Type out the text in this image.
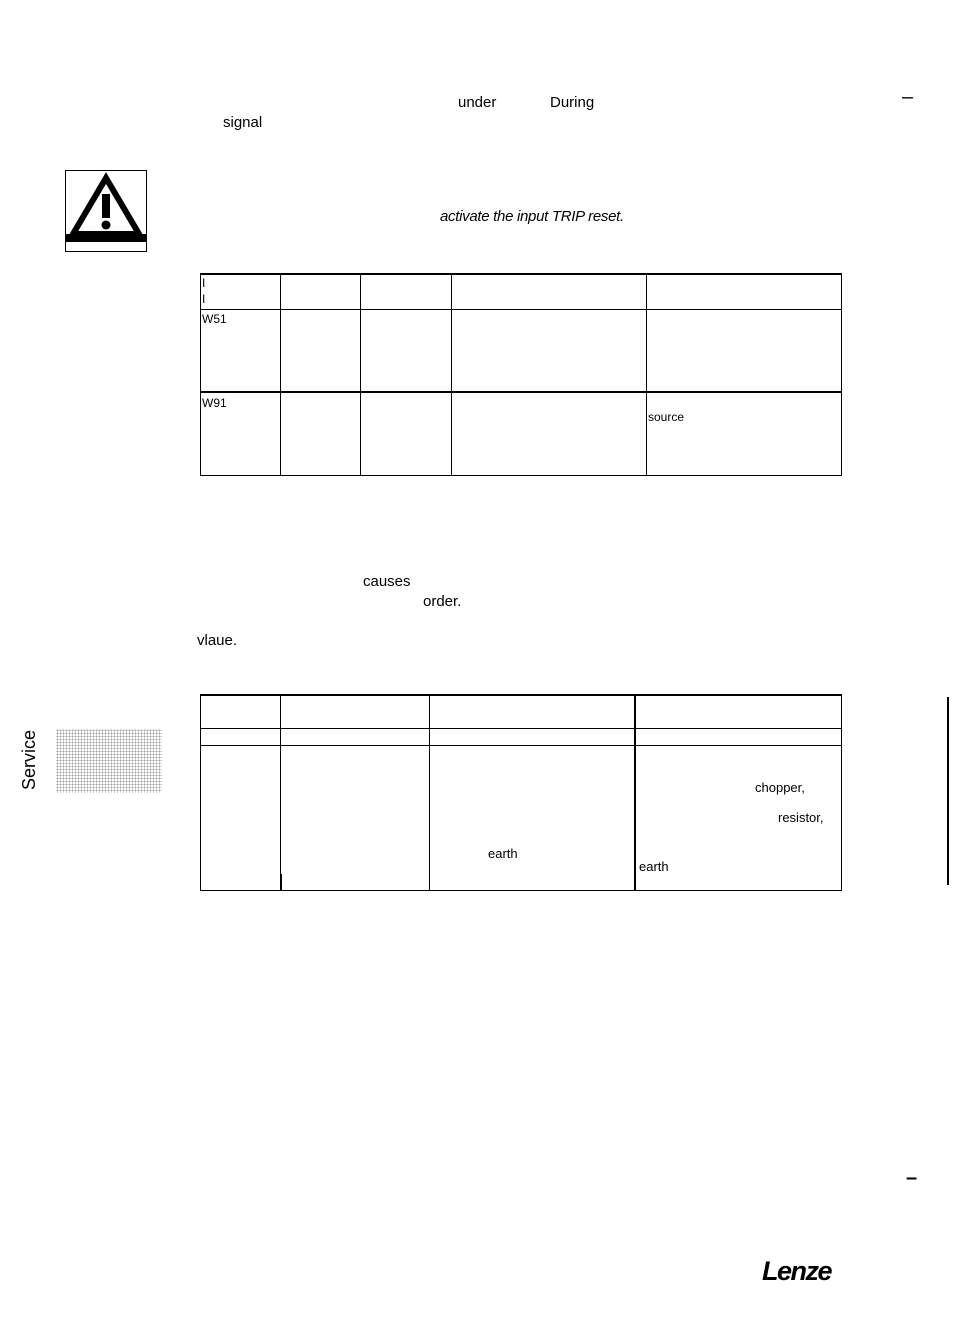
under	During
signal
–
activate the input TRIP reset.
I
I
W51
W91
source
causes
order.
vlaue.
Service
earth
chopper,
resistor,
earth
–
Lenze
